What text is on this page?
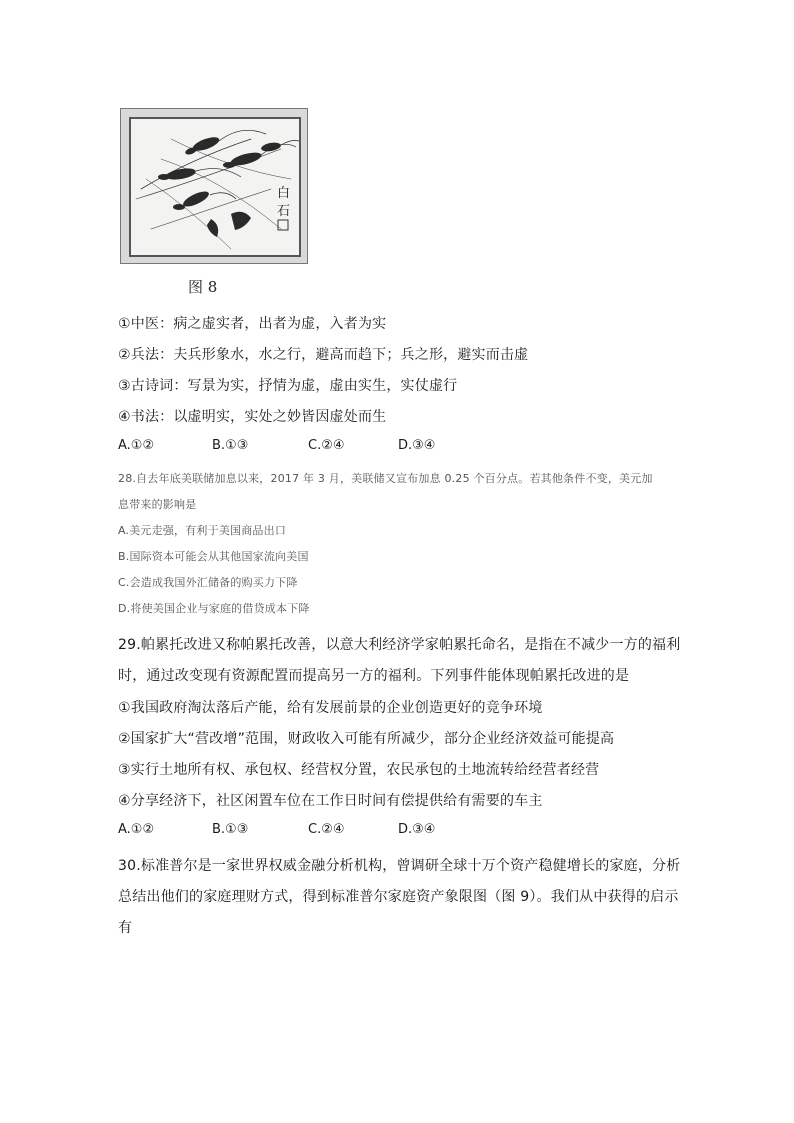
白
石
图 8
①中医：病之虚实者，出者为虚，入者为实
②兵法：夫兵形象水，水之行，避高而趋下；兵之形，避实而击虚
③古诗词：写景为实，抒情为虚，虚由实生，实仗虚行
④书法：以虚明实，实处之妙皆因虚处而生
A.①②	B.①③	C.②④	D.③④
28.自去年底美联储加息以来，2017 年 3 月，美联储又宣布加息 0.25 个百分点。若其他条件不变，美元加
息带来的影响是
A.美元走强，有利于美国商品出口
B.国际资本可能会从其他国家流向美国
C.会造成我国外汇储备的购买力下降
D.将使美国企业与家庭的借贷成本下降
29.帕累托改进又称帕累托改善，以意大利经济学家帕累托命名，是指在不减少一方的福利
时，通过改变现有资源配置而提高另一方的福利。下列事件能体现帕累托改进的是
①我国政府淘汰落后产能，给有发展前景的企业创造更好的竞争环境
②国家扩大“营改增”范围，财政收入可能有所减少，部分企业经济效益可能提高
③实行土地所有权、承包权、经营权分置，农民承包的土地流转给经营者经营
④分享经济下，社区闲置车位在工作日时间有偿提供给有需要的车主
A.①②	B.①③	C.②④	D.③④
30.标准普尔是一家世界权威金融分析机构，曾调研全球十万个资产稳健增长的家庭，分析
总结出他们的家庭理财方式，得到标准普尔家庭资产象限图（图 9）。我们从中获得的启示
有
